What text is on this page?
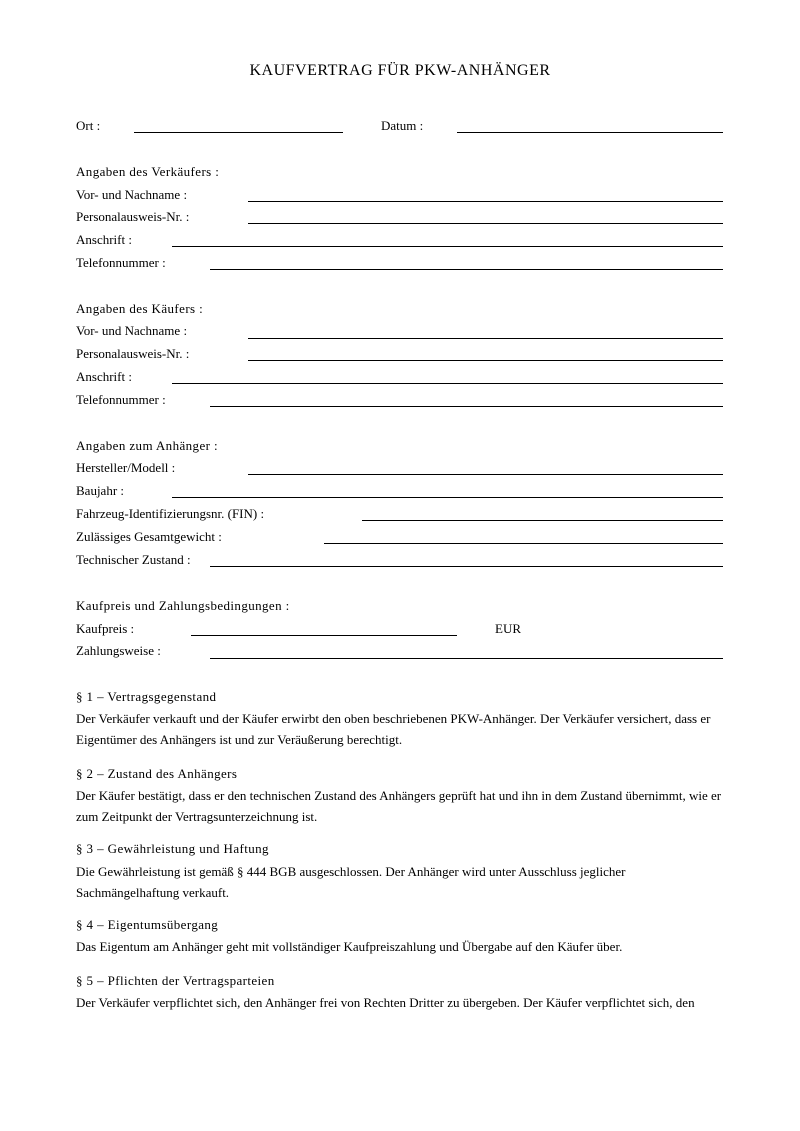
KAUFVERTRAG FÜR PKW-ANHÄNGER
Ort :	Datum :
Angaben des Verkäufers :
Vor- und Nachname :
Personalausweis-Nr. :
Anschrift :
Telefonnummer :
Angaben des Käufers :
Vor- und Nachname :
Personalausweis-Nr. :
Anschrift :
Telefonnummer :
Angaben zum Anhänger :
Hersteller/Modell :
Baujahr :
Fahrzeug-Identifizierungsnr. (FIN) :
Zulässiges Gesamtgewicht :
Technischer Zustand :
Kaufpreis und Zahlungsbedingungen :
Kaufpreis :	EUR
Zahlungsweise :
§ 1 – Vertragsgegenstand
Der Verkäufer verkauft und der Käufer erwirbt den oben beschriebenen PKW-Anhänger. Der Verkäufer versichert, dass er Eigentümer des Anhängers ist und zur Veräußerung berechtigt.
§ 2 – Zustand des Anhängers
Der Käufer bestätigt, dass er den technischen Zustand des Anhängers geprüft hat und ihn in dem Zustand übernimmt, wie er zum Zeitpunkt der Vertragsunterzeichnung ist.
§ 3 – Gewährleistung und Haftung
Die Gewährleistung ist gemäß § 444 BGB ausgeschlossen. Der Anhänger wird unter Ausschluss jeglicher Sachmängelhaftung verkauft.
§ 4 – Eigentumsübergang
Das Eigentum am Anhänger geht mit vollständiger Kaufpreiszahlung und Übergabe auf den Käufer über.
§ 5 – Pflichten der Vertragsparteien
Der Verkäufer verpflichtet sich, den Anhänger frei von Rechten Dritter zu übergeben. Der Käufer verpflichtet sich, den
